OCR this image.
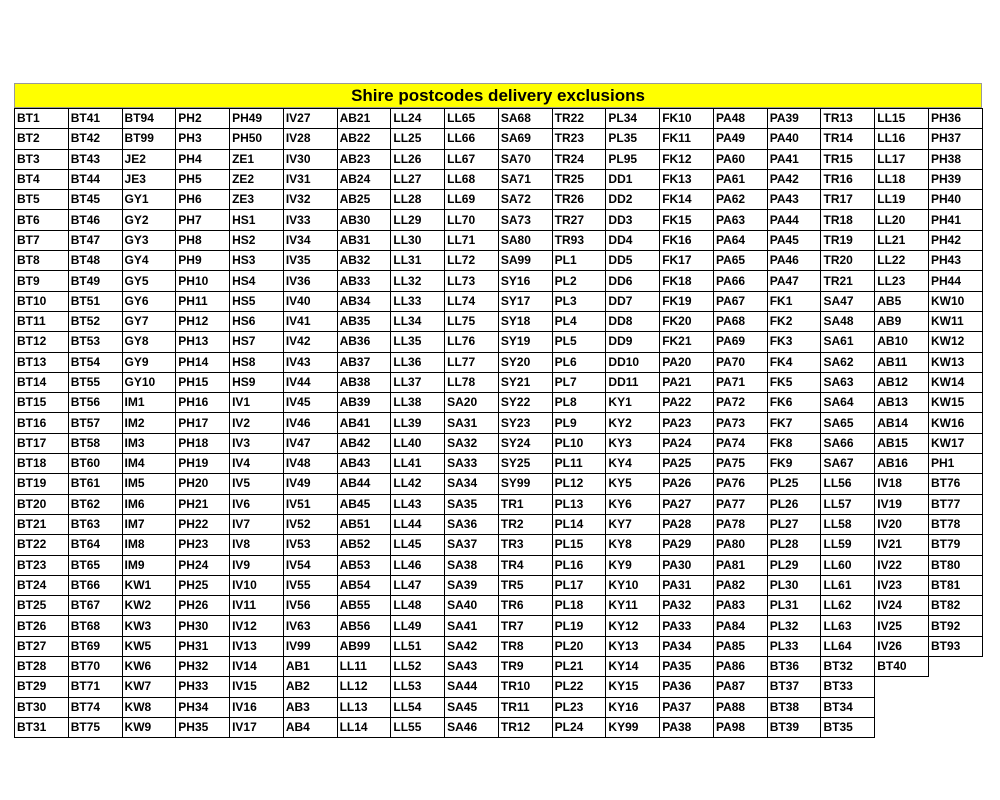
Shire postcodes delivery exclusions
BT1	BT41	BT94	PH2	PH49	IV27	AB21	LL24	LL65	SA68	TR22	PL34	FK10	PA48	PA39	TR13	LL15	PH36
BT2	BT42	BT99	PH3	PH50	IV28	AB22	LL25	LL66	SA69	TR23	PL35	FK11	PA49	PA40	TR14	LL16	PH37
BT3	BT43	JE2	PH4	ZE1	IV30	AB23	LL26	LL67	SA70	TR24	PL95	FK12	PA60	PA41	TR15	LL17	PH38
BT4	BT44	JE3	PH5	ZE2	IV31	AB24	LL27	LL68	SA71	TR25	DD1	FK13	PA61	PA42	TR16	LL18	PH39
BT5	BT45	GY1	PH6	ZE3	IV32	AB25	LL28	LL69	SA72	TR26	DD2	FK14	PA62	PA43	TR17	LL19	PH40
BT6	BT46	GY2	PH7	HS1	IV33	AB30	LL29	LL70	SA73	TR27	DD3	FK15	PA63	PA44	TR18	LL20	PH41
BT7	BT47	GY3	PH8	HS2	IV34	AB31	LL30	LL71	SA80	TR93	DD4	FK16	PA64	PA45	TR19	LL21	PH42
BT8	BT48	GY4	PH9	HS3	IV35	AB32	LL31	LL72	SA99	PL1	DD5	FK17	PA65	PA46	TR20	LL22	PH43
BT9	BT49	GY5	PH10	HS4	IV36	AB33	LL32	LL73	SY16	PL2	DD6	FK18	PA66	PA47	TR21	LL23	PH44
BT10	BT51	GY6	PH11	HS5	IV40	AB34	LL33	LL74	SY17	PL3	DD7	FK19	PA67	FK1	SA47	AB5	KW10
BT11	BT52	GY7	PH12	HS6	IV41	AB35	LL34	LL75	SY18	PL4	DD8	FK20	PA68	FK2	SA48	AB9	KW11
BT12	BT53	GY8	PH13	HS7	IV42	AB36	LL35	LL76	SY19	PL5	DD9	FK21	PA69	FK3	SA61	AB10	KW12
BT13	BT54	GY9	PH14	HS8	IV43	AB37	LL36	LL77	SY20	PL6	DD10	PA20	PA70	FK4	SA62	AB11	KW13
BT14	BT55	GY10	PH15	HS9	IV44	AB38	LL37	LL78	SY21	PL7	DD11	PA21	PA71	FK5	SA63	AB12	KW14
BT15	BT56	IM1	PH16	IV1	IV45	AB39	LL38	SA20	SY22	PL8	KY1	PA22	PA72	FK6	SA64	AB13	KW15
BT16	BT57	IM2	PH17	IV2	IV46	AB41	LL39	SA31	SY23	PL9	KY2	PA23	PA73	FK7	SA65	AB14	KW16
BT17	BT58	IM3	PH18	IV3	IV47	AB42	LL40	SA32	SY24	PL10	KY3	PA24	PA74	FK8	SA66	AB15	KW17
BT18	BT60	IM4	PH19	IV4	IV48	AB43	LL41	SA33	SY25	PL11	KY4	PA25	PA75	FK9	SA67	AB16	PH1
BT19	BT61	IM5	PH20	IV5	IV49	AB44	LL42	SA34	SY99	PL12	KY5	PA26	PA76	PL25	LL56	IV18	BT76
BT20	BT62	IM6	PH21	IV6	IV51	AB45	LL43	SA35	TR1	PL13	KY6	PA27	PA77	PL26	LL57	IV19	BT77
BT21	BT63	IM7	PH22	IV7	IV52	AB51	LL44	SA36	TR2	PL14	KY7	PA28	PA78	PL27	LL58	IV20	BT78
BT22	BT64	IM8	PH23	IV8	IV53	AB52	LL45	SA37	TR3	PL15	KY8	PA29	PA80	PL28	LL59	IV21	BT79
BT23	BT65	IM9	PH24	IV9	IV54	AB53	LL46	SA38	TR4	PL16	KY9	PA30	PA81	PL29	LL60	IV22	BT80
BT24	BT66	KW1	PH25	IV10	IV55	AB54	LL47	SA39	TR5	PL17	KY10	PA31	PA82	PL30	LL61	IV23	BT81
BT25	BT67	KW2	PH26	IV11	IV56	AB55	LL48	SA40	TR6	PL18	KY11	PA32	PA83	PL31	LL62	IV24	BT82
BT26	BT68	KW3	PH30	IV12	IV63	AB56	LL49	SA41	TR7	PL19	KY12	PA33	PA84	PL32	LL63	IV25	BT92
BT27	BT69	KW5	PH31	IV13	IV99	AB99	LL51	SA42	TR8	PL20	KY13	PA34	PA85	PL33	LL64	IV26	BT93
BT28	BT70	KW6	PH32	IV14	AB1	LL11	LL52	SA43	TR9	PL21	KY14	PA35	PA86	BT36	BT32	BT40	
BT29	BT71	KW7	PH33	IV15	AB2	LL12	LL53	SA44	TR10	PL22	KY15	PA36	PA87	BT37	BT33		
BT30	BT74	KW8	PH34	IV16	AB3	LL13	LL54	SA45	TR11	PL23	KY16	PA37	PA88	BT38	BT34		
BT31	BT75	KW9	PH35	IV17	AB4	LL14	LL55	SA46	TR12	PL24	KY99	PA38	PA98	BT39	BT35		
